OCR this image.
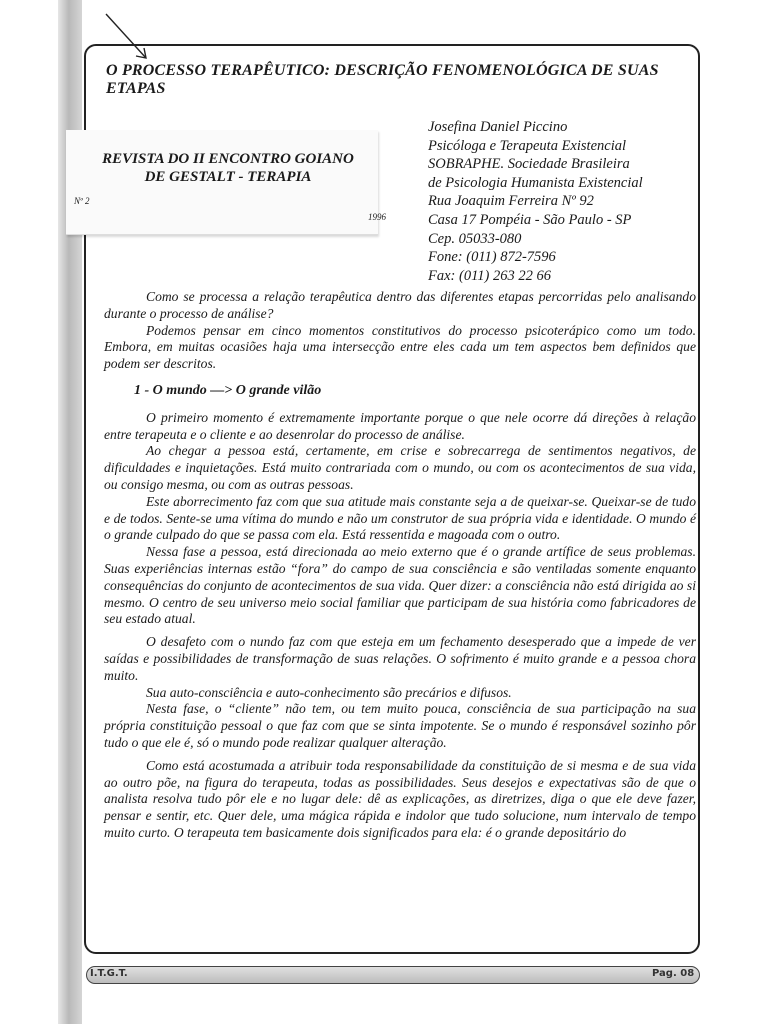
O PROCESSO TERAPÊUTICO: DESCRIÇÃO FENOMENOLÓGICA DE SUAS ETAPAS
Josefina Daniel Piccino
Psicóloga e Terapeuta Existencial
SOBRAPHE. Sociedade Brasileira
de Psicologia Humanista Existencial
Rua Joaquim Ferreira Nº 92
Casa 17 Pompéia - São Paulo - SP
Cep. 05033-080
Fone: (011) 872-7596
Fax: (011) 263 22 66
REVISTA DO II ENCONTRO GOIANO
DE GESTALT - TERAPIA
Nº 2
1996

Como se processa a relação terapêutica dentro das diferentes etapas percorridas pelo analisando durante o processo de análise?

Podemos pensar em cinco momentos constitutivos do processo psicoterápico como um todo. Embora, em muitas ocasiões haja uma intersecção entre eles cada um tem aspectos bem definidos que podem ser descritos.

1 - O mundo —> O grande vilão

O primeiro momento é extremamente importante porque o que nele ocorre dá direções à relação entre terapeuta e o cliente e ao desenrolar do processo de análise.

Ao chegar a pessoa está, certamente, em crise e sobrecarrega de sentimentos negativos, de dificuldades e inquietações. Está muito contrariada com o mundo, ou com os acontecimentos de sua vida, ou consigo mesma, ou com as outras pessoas.

Este aborrecimento faz com que sua atitude mais constante seja a de queixar-se. Queixar-se de tudo e de todos. Sente-se uma vítima do mundo e não um construtor de sua própria vida e identidade. O mundo é o grande culpado do que se passa com ela. Está ressentida e magoada com o outro.

Nessa fase a pessoa, está direcionada ao meio externo que é o grande artífice de seus problemas. Suas experiências internas estão “fora” do campo de sua consciência e são ventiladas somente enquanto consequências do conjunto de acontecimentos de sua vida. Quer dizer: a consciência não está dirigida ao si mesmo. O centro de seu universo meio social familiar que participam de sua história como fabricadores de seu estado atual.

O desafeto com o nundo faz com que esteja em um fechamento desesperado que a impede de ver saídas e possibilidades de transformação de suas relações. O sofrimento é muito grande e a pessoa chora muito.

Sua auto-consciência e auto-conhecimento são precários e difusos.

Nesta fase, o “cliente” não tem, ou tem muito pouca, consciência de sua participação na sua própria constituição pessoal o que faz com que se sinta impotente. Se o mundo é responsável sozinho pôr tudo o que ele é, só o mundo pode realizar qualquer alteração.

Como está acostumada a atribuir toda responsabilidade da constituição de si mesma e de sua vida ao outro põe, na figura do terapeuta, todas as possibilidades. Seus desejos e expectativas são de que o analista resolva tudo pôr ele e no lugar dele: dê as explicações, as diretrizes, diga o que ele deve fazer, pensar e sentir, etc. Quer dele, uma mágica rápida e indolor que tudo solucione, num intervalo de tempo muito curto. O terapeuta tem basicamente dois significados para ela: é o grande depositário do

I.T.G.T.	Pag. 08
